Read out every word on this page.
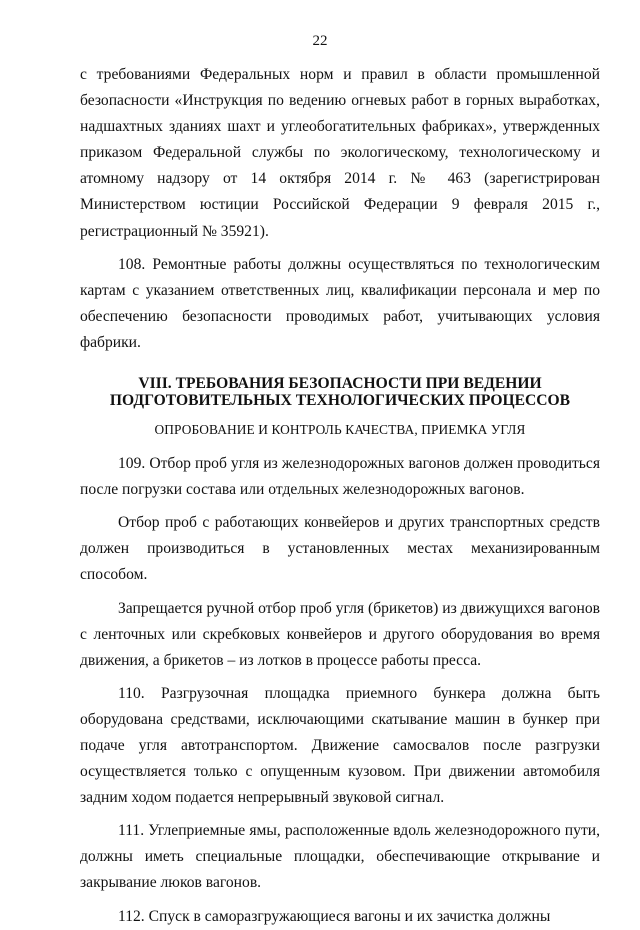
22

с требованиями Федеральных норм и правил в области промышленной безопасности «Инструкция по ведению огневых работ в горных выработках, надшахтных зданиях шахт и углеобогатительных фабриках», утвержденных приказом Федеральной службы по экологическому, технологическому и атомному надзору от 14 октября 2014 г. № 463 (зарегистрирован Министерством юстиции Российской Федерации 9 февраля 2015 г., регистрационный № 35921).

108. Ремонтные работы должны осуществляться по технологическим картам с указанием ответственных лиц, квалификации персонала и мер по обеспечению безопасности проводимых работ, учитывающих условия фабрики.

VIII. ТРЕБОВАНИЯ БЕЗОПАСНОСТИ ПРИ ВЕДЕНИИ

ПОДГОТОВИТЕЛЬНЫХ ТЕХНОЛОГИЧЕСКИХ ПРОЦЕССОВ

ОПРОБОВАНИЕ И КОНТРОЛЬ КАЧЕСТВА, ПРИЕМКА УГЛЯ

109. Отбор проб угля из железнодорожных вагонов должен проводиться после погрузки состава или отдельных железнодорожных вагонов.

Отбор проб с работающих конвейеров и других транспортных средств должен производиться в установленных местах механизированным способом.

Запрещается ручной отбор проб угля (брикетов) из движущихся вагонов с ленточных или скребковых конвейеров и другого оборудования во время движения, а брикетов – из лотков в процессе работы пресса.

110. Разгрузочная площадка приемного бункера должна быть оборудована средствами, исключающими скатывание машин в бункер при подаче угля автотранспортом. Движение самосвалов после разгрузки осуществляется только с опущенным кузовом. При движении автомобиля задним ходом подается непрерывный звуковой сигнал.

111. Углеприемные ямы, расположенные вдоль железнодорожного пути, должны иметь специальные площадки, обеспечивающие открывание и закрывание люков вагонов.

112. Спуск в саморазгружающиеся вагоны и их зачистка должны
